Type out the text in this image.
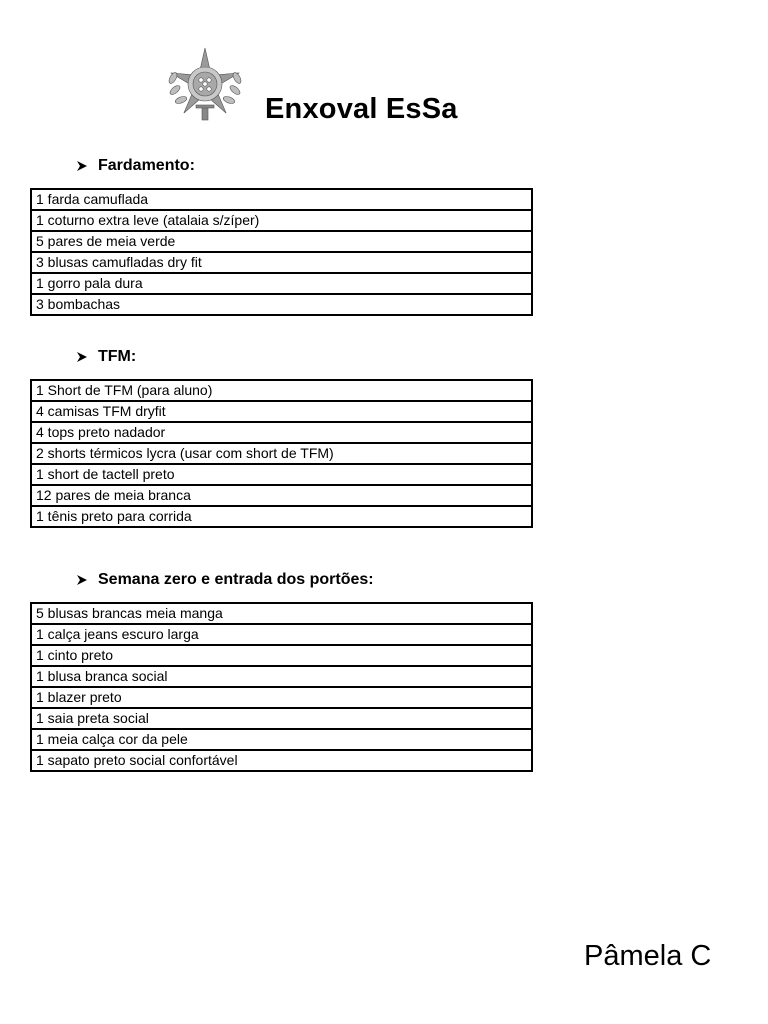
Enxoval EsSa
Fardamento:
1 farda camuflada
1 coturno extra leve (atalaia s/zíper)
5 pares de meia verde
3 blusas camufladas dry fit
1 gorro pala dura
3 bombachas
TFM:
1 Short de TFM (para aluno)
4 camisas TFM dryfit
4 tops preto nadador
2 shorts térmicos lycra (usar com short de TFM)
1 short de tactell preto
12 pares de meia branca
1 tênis preto para corrida
Semana zero e entrada dos portões:
5 blusas brancas meia manga
1 calça jeans escuro larga
1 cinto preto
1 blusa branca social
1 blazer preto
1 saia preta social
1 meia calça cor da pele
1 sapato preto social confortável
Pâmela C
